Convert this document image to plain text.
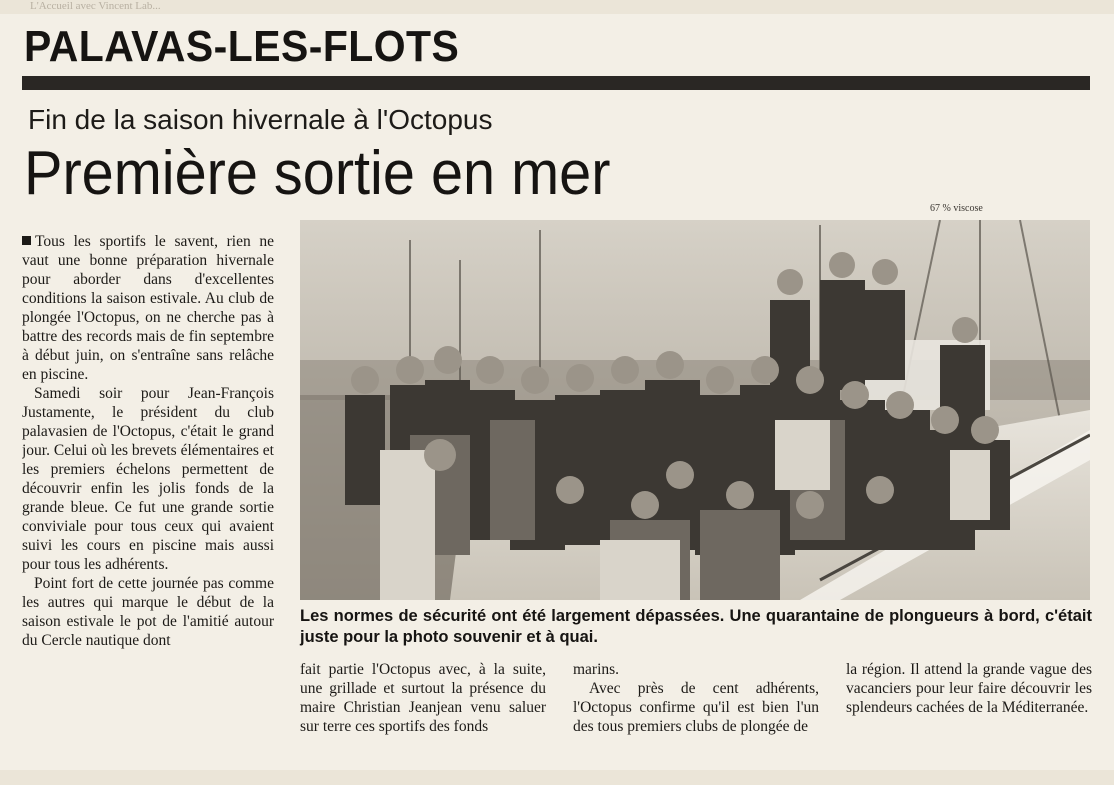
L'Accueil avec Vincent Lab...
PALAVAS-LES-FLOTS
Fin de la saison hivernale à l'Octopus
Première sortie en mer
67 % viscose

Tous les sportifs le savent, rien ne vaut une bonne préparation hivernale pour aborder dans d'excellentes conditions la saison estivale. Au club de plongée l'Octopus, on ne cherche pas à battre des records mais de fin septembre à début juin, on s'entraîne sans relâche en piscine.

Samedi soir pour Jean-François Justamente, le président du club palavasien de l'Octopus, c'était le grand jour. Celui où les brevets élémentaires et les premiers échelons permettent de découvrir enfin les jolis fonds de la grande bleue. Ce fut une grande sortie conviviale pour tous ceux qui avaient suivi les cours en piscine mais aussi pour tous les adhérents.

Point fort de cette journée pas comme les autres qui marque le début de la saison estivale le pot de l'amitié autour du Cercle nautique dont

Les normes de sécurité ont été largement dépassées. Une quarantaine de plongueurs à bord, c'était juste pour la photo souvenir et à quai.

fait partie l'Octopus avec, à la suite, une grillade et surtout la présence du maire Christian Jeanjean venu saluer sur terre ces sportifs des fonds

marins.

Avec près de cent adhérents, l'Octopus confirme qu'il est bien l'un des tous premiers clubs de plongée de

la région. Il attend la grande vague des vacanciers pour leur faire découvrir les splendeurs cachées de la Méditerranée.
